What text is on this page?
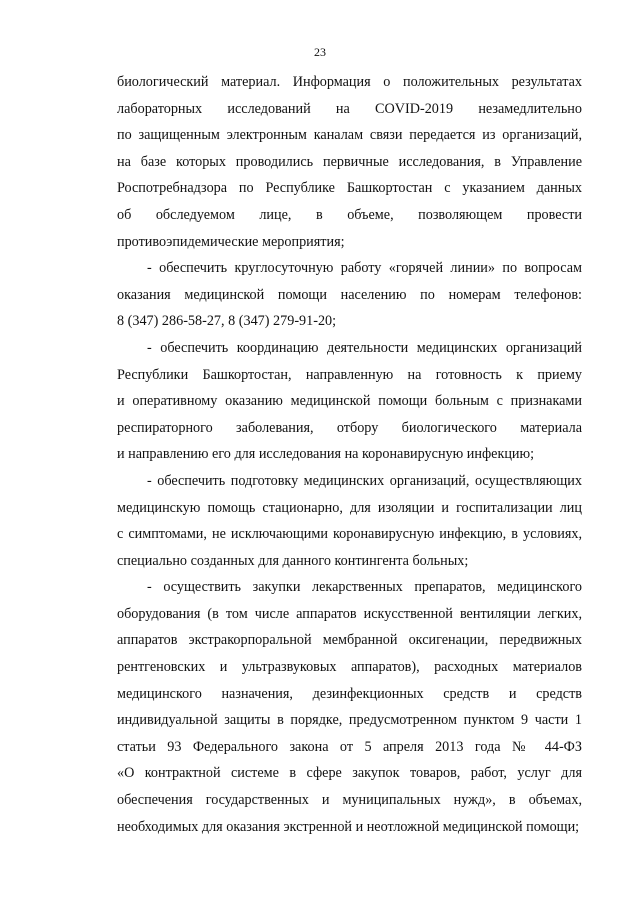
23
биологический материал. Информация о положительных результатах
лабораторных исследований на COVID-2019 незамедлительно
по защищенным электронным каналам связи передается из организаций,
на базе которых проводились первичные исследования, в Управление
Роспотребнадзора по Республике Башкортостан с указанием данных
об обследуемом лице, в объеме, позволяющем провести
противоэпидемические мероприятия;
- обеспечить круглосуточную работу «горячей линии» по вопросам
оказания медицинской помощи населению по номерам телефонов:
8 (347) 286-58-27, 8 (347) 279-91-20;
- обеспечить координацию деятельности медицинских организаций
Республики Башкортостан, направленную на готовность к приему
и оперативному оказанию медицинской помощи больным с признаками
респираторного заболевания, отбору биологического материала
и направлению его для исследования на коронавирусную инфекцию;
- обеспечить подготовку медицинских организаций, осуществляющих
медицинскую помощь стационарно, для изоляции и госпитализации лиц
с симптомами, не исключающими коронавирусную инфекцию, в условиях,
специально созданных для данного контингента больных;
- осуществить закупки лекарственных препаратов, медицинского
оборудования (в том числе аппаратов искусственной вентиляции легких,
аппаратов экстракорпоральной мембранной оксигенации, передвижных
рентгеновских и ультразвуковых аппаратов), расходных материалов
медицинского назначения, дезинфекционных средств и средств
индивидуальной защиты в порядке, предусмотренном пунктом 9 части 1
статьи 93 Федерального закона от 5 апреля 2013 года № 44-ФЗ
«О контрактной системе в сфере закупок товаров, работ, услуг для
обеспечения государственных и муниципальных нужд», в объемах,
необходимых для оказания экстренной и неотложной медицинской помощи;
